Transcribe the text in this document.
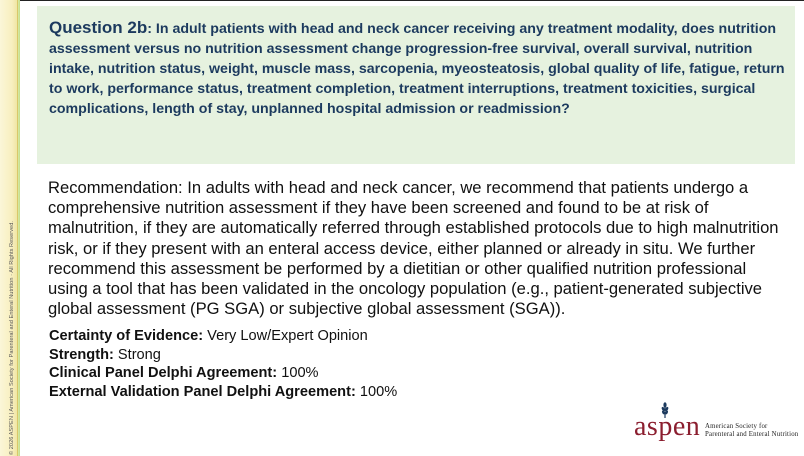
© 2026 ASPEN | American Society for Parenteral and Enteral Nutrition · All Rights Reserved.

Question 2b: In adult patients with head and neck cancer receiving any treatment modality, does nutrition assessment versus no nutrition assessment change progression-free survival, overall survival, nutrition intake, nutrition status, weight, muscle mass, sarcopenia, myeosteatosis, global quality of life, fatigue, return to work, performance status, treatment completion, treatment interruptions, treatment toxicities, surgical complications, length of stay, unplanned hospital admission or readmission?

Recommendation: In adults with head and neck cancer, we recommend that patients undergo a comprehensive nutrition assessment if they have been screened and found to be at risk of malnutrition, if they are automatically referred through established protocols due to high malnutrition risk, or if they present with an enteral access device, either planned or already in situ. We further recommend this assessment be performed by a dietitian or other qualified nutrition professional using a tool that has been validated in the oncology population (e.g., patient-generated subjective global assessment (PG SGA) or subjective global assessment (SGA)).

Certainty of Evidence: Very Low/Expert Opinion
Strength: Strong
Clinical Panel Delphi Agreement: 100%
External Validation Panel Delphi Agreement: 100%
aspen American Society for
Parenteral and Enteral Nutrition
